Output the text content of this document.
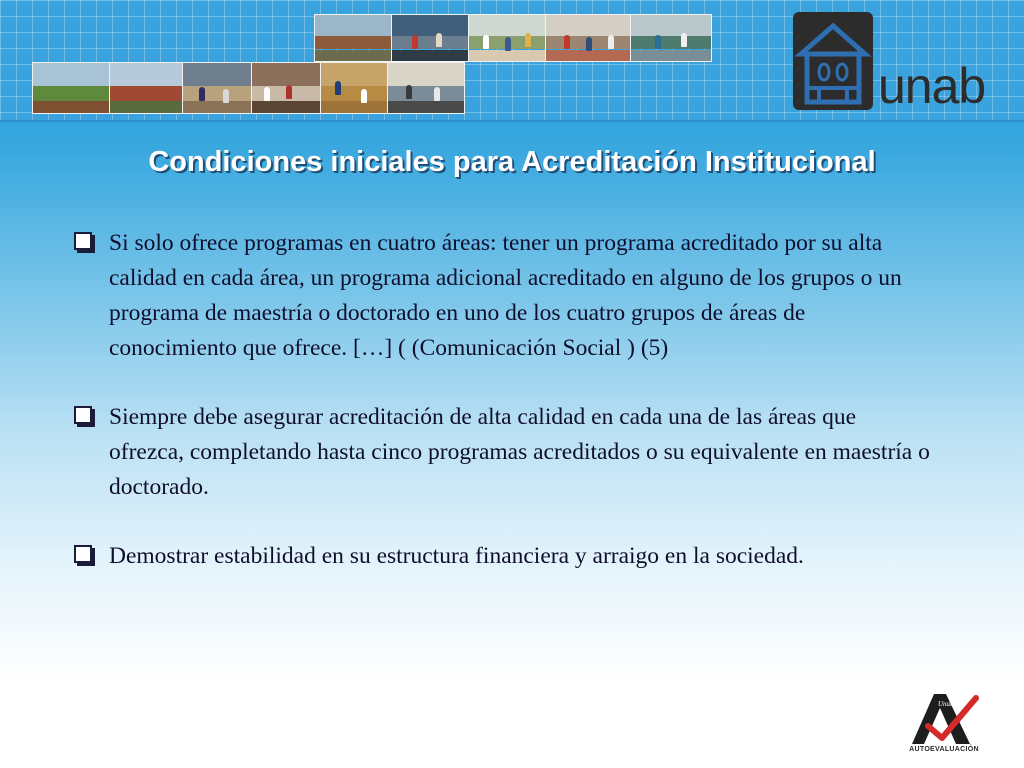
unab
Condiciones iniciales para Acreditación Institucional
Si solo ofrece programas en cuatro áreas: tener un programa acreditado por su alta calidad en cada área, un programa adicional acreditado en alguno de los grupos o un programa de maestría o doctorado en uno de los cuatro grupos de áreas de conocimiento que ofrece. […] ( (Comunicación Social ) (5)
Siempre debe asegurar acreditación de alta calidad en cada una de las áreas que ofrezca, completando hasta cinco programas acreditados o su equivalente en maestría o doctorado.
Demostrar estabilidad en su estructura financiera y arraigo en la sociedad.
Unab
AUTOEVALUACIÓN
